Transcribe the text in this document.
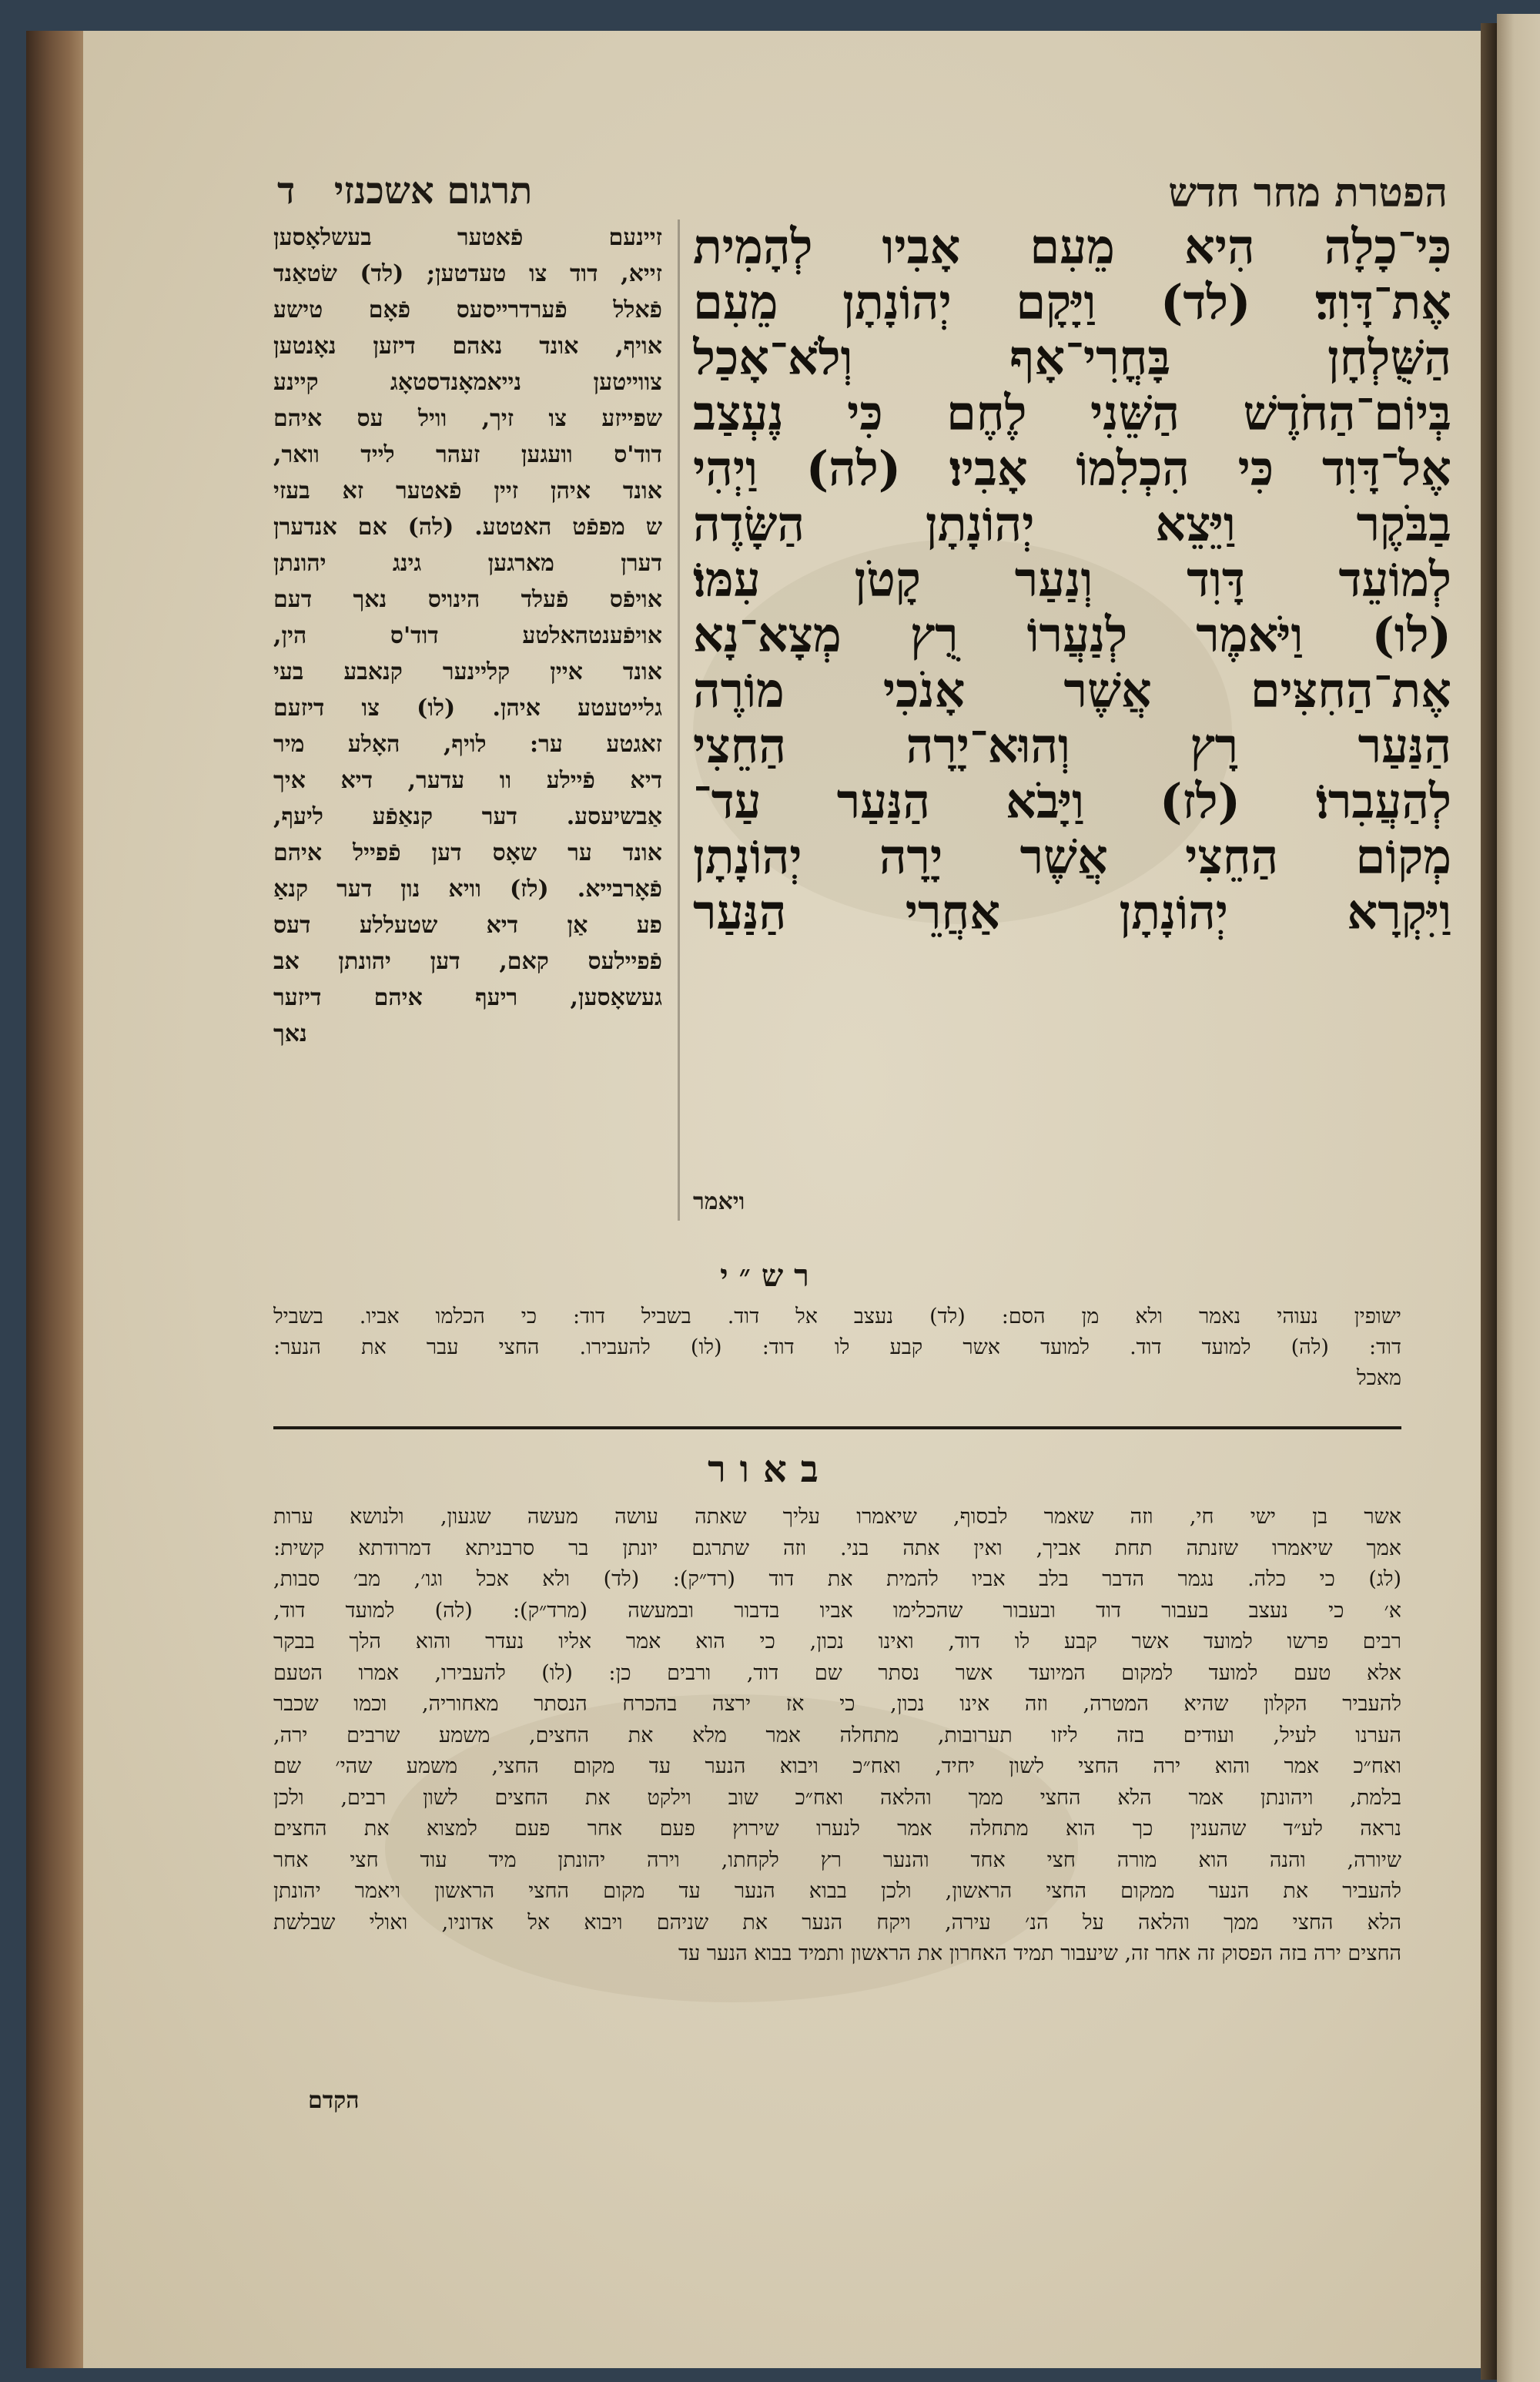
תרגום אשכנזי ד	הפטרת מחר חדש
כִּי־כָלָה הִיא מֵעִם אָבִיו לְהָמִית
אֶת־דָּוִד׃ (לד) וַיָּקָם יְהוֹנָתָן מֵעִם
הַשֻּׁלְחָן בָּחֳרִי־אָף וְלֹא־אָכַל
בְּיוֹם־הַחֹדֶשׁ הַשֵּׁנִי לֶחֶם כִּי נֶעְצַב
אֶל־דָּוִד כִּי הִכְלִמוֹ אָבִיו׃ (לה) וַיְהִי
בַבֹּקֶר וַיֵּצֵא יְהוֹנָתָן הַשָּׂדֶה
לְמוֹעֵד דָּוִד וְנַעַר קָטֹן עִמּוֹ׃
(לו) וַיֹּאמֶר לְנַעֲרוֹ רֻץ מְצָא־נָא
אֶת־הַחִצִּים אֲשֶׁר אָנֹכִי מוֹרֶה
הַנַּעַר רָץ וְהוּא־יָרָה הַחֵצִי
לְהַעֲבִרוֹ׃ (לז) וַיָּבֹא הַנַּעַר עַד־
מְקוֹם הַחֵצִי אֲשֶׁר יָרָה יְהוֹנָתָן
וַיִּקְרָא יְהוֹנָתָן אַחֲרֵי הַנַּעַר
ויאמר
זיינעם פֿאטער בעשלאָסען
זייא, דוד צו טעדטען; (לד) שׂטאַנד
פֿאלל פֿערדרייסעס פֿאָם טישע
אויף, אונד נאהם דיזען נאָנטען
צווייטען נייאמאָנדסטאָג קיינע
שפייזע צו זיך, וויל עס איהם
דוד'ס וועגען זעהר לייד וואר,
אונד איהן זיין פֿאטער זא בעזי
ש מפפֿט האטטע. (לה) אם אנדערן
דערן מארגען גינג יהונתן
אויפֿס פֿעלד הינויס נאך דעם
אויפֿענטהאלטע דוד'ס הין,
אונד איין קליינער קנאבע בעי
גלייטעטע איהן. (לו) צו דיזעם
זאגטע ער: לויף, האָלע מיר
דיא פֿיילע וו עדער, דיא איך
אַבשיעסע. דער קנאַפֿע ליעף,
אונד ער שאָס דען פֿפייל איהם
פֿאָרבייא. (לז) וויא נון דער קנאַ
פע אַן דיא שטעללע דעס
פֿפיילעס קאם, דען יהונתן אב
געשאָסען, ריעף איהם דיזער
נאך
רש״י
ישופין נעוהי נאמר ולא מן הסם: (לד) נעצב אל דוד. בשביל דוד: כי הכלמו אביו. בשביל
דוד: (לה) למועד דוד. למועד אשר קבע לו דוד: (לו) להעבירו. החצי עבר את הנער:
מאכל
באור
אשר בן ישי חי, וזה שאמר לבסוף, שיאמרו עליך שאתה עושה מעשה שגעון, ולנושא ערות
אמך שיאמרו שזנתה תחת אביך, ואין אתה בני. וזה שתרגם יונתן בר סרבניתא דמרודתא קשית:
(לג) כי כלה. נגמר הדבר בלב אביו להמית את דוד (רד״ק): (לד) ולא אכל וגו׳, מב׳ סבות,
א׳ כי נעצב בעבור דוד ובעבור שהכלימו אביו בדבור ובמעשה (מרד״ק): (לה) למועד דוד,
רבים פרשו למועד אשר קבע לו דוד, ואינו נכון, כי הוא אמר אליו נעדר והוא הלך בבקר
אלא טעם למועד למקום המיועד אשר נסתר שם דוד, ורבים כן: (לו) להעבירו, אמרו הטעם
להעביר הקלון שהיא המטרה, וזה אינו נכון, כי אז ירצה בהכרח הנסתר מאחוריה, וכמו שכבר
הערנו לעיל, ועודים בזה ליזו תערובות, מתחלה אמר מלא את החצים, משמע שרבים ירה,
ואח״כ אמר והוא ירה החצי לשון יחיד, ואח״כ ויבוא הנער עד מקום החצי, משמע שהי׳ שם
בלמת, ויהונתן אמר הלא החצי ממך והלאה ואח״כ שוב וילקט את החצים לשון רבים, ולכן
נראה לע״ד שהענין כך הוא מתחלה אמר לנערו שירוץ פעם אחר פעם למצוא את החצים
שיורה, והנה הוא מורה חצי אחד והנער רץ לקחתו, וירה יהונתן מיד עוד חצי אחר
להעביר את הנער ממקום החצי הראשון, ולכן בבוא הנער עד מקום החצי הראשון ויאמר יהונתן
הלא החצי ממך והלאה על הנ׳ עירה, ויקח הנער את שניהם ויבוא אל אדוניו, ואולי שבלשת
החצים ירה בזה הפסוק זה אחר זה, שיעבור תמיד האחרון את הראשון ותמיד בבוא הנער עד
הקדם
